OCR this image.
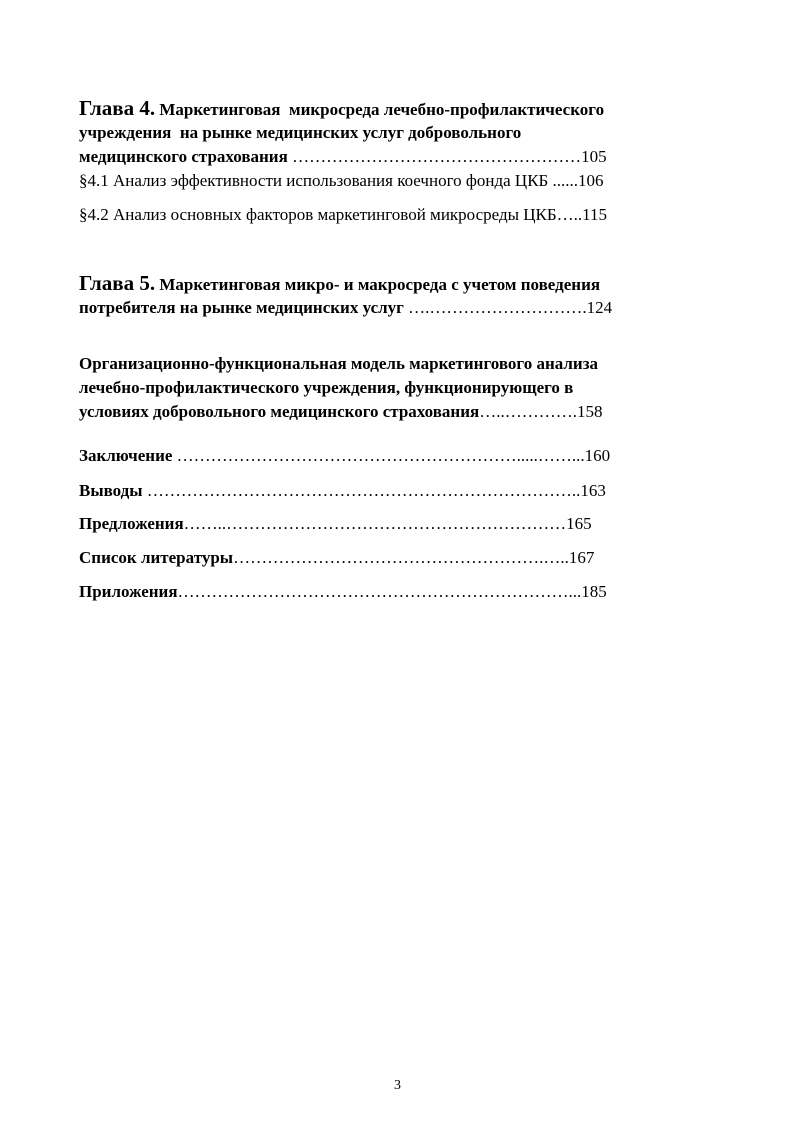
Глава 4. Маркетинговая  микросреда лечебно-профилактического
учреждения  на рынке медицинских услуг добровольного
медицинского страхования ……………………………………………105
§4.1 Анализ эффективности использования коечного фонда ЦКБ ......106
§4.2 Анализ основных факторов маркетинговой микросреды ЦКБ…..115
Глава 5. Маркетинговая микро- и макросреда с учетом поведения
потребителя на рынке медицинских услуг ….……………………….124
Организационно-функциональная модель маркетингового анализа
лечебно-профилактического учреждения, функционирующего в
условиях добровольного медицинского страхования…..………….158
Заключение …………………………………………………….....……...160
Выводы …………………………………………………………………..163
Предложения……..……………………………………………………165
Список литературы……………………………………………….…..167
Приложения……………………………………………………………...185
3
